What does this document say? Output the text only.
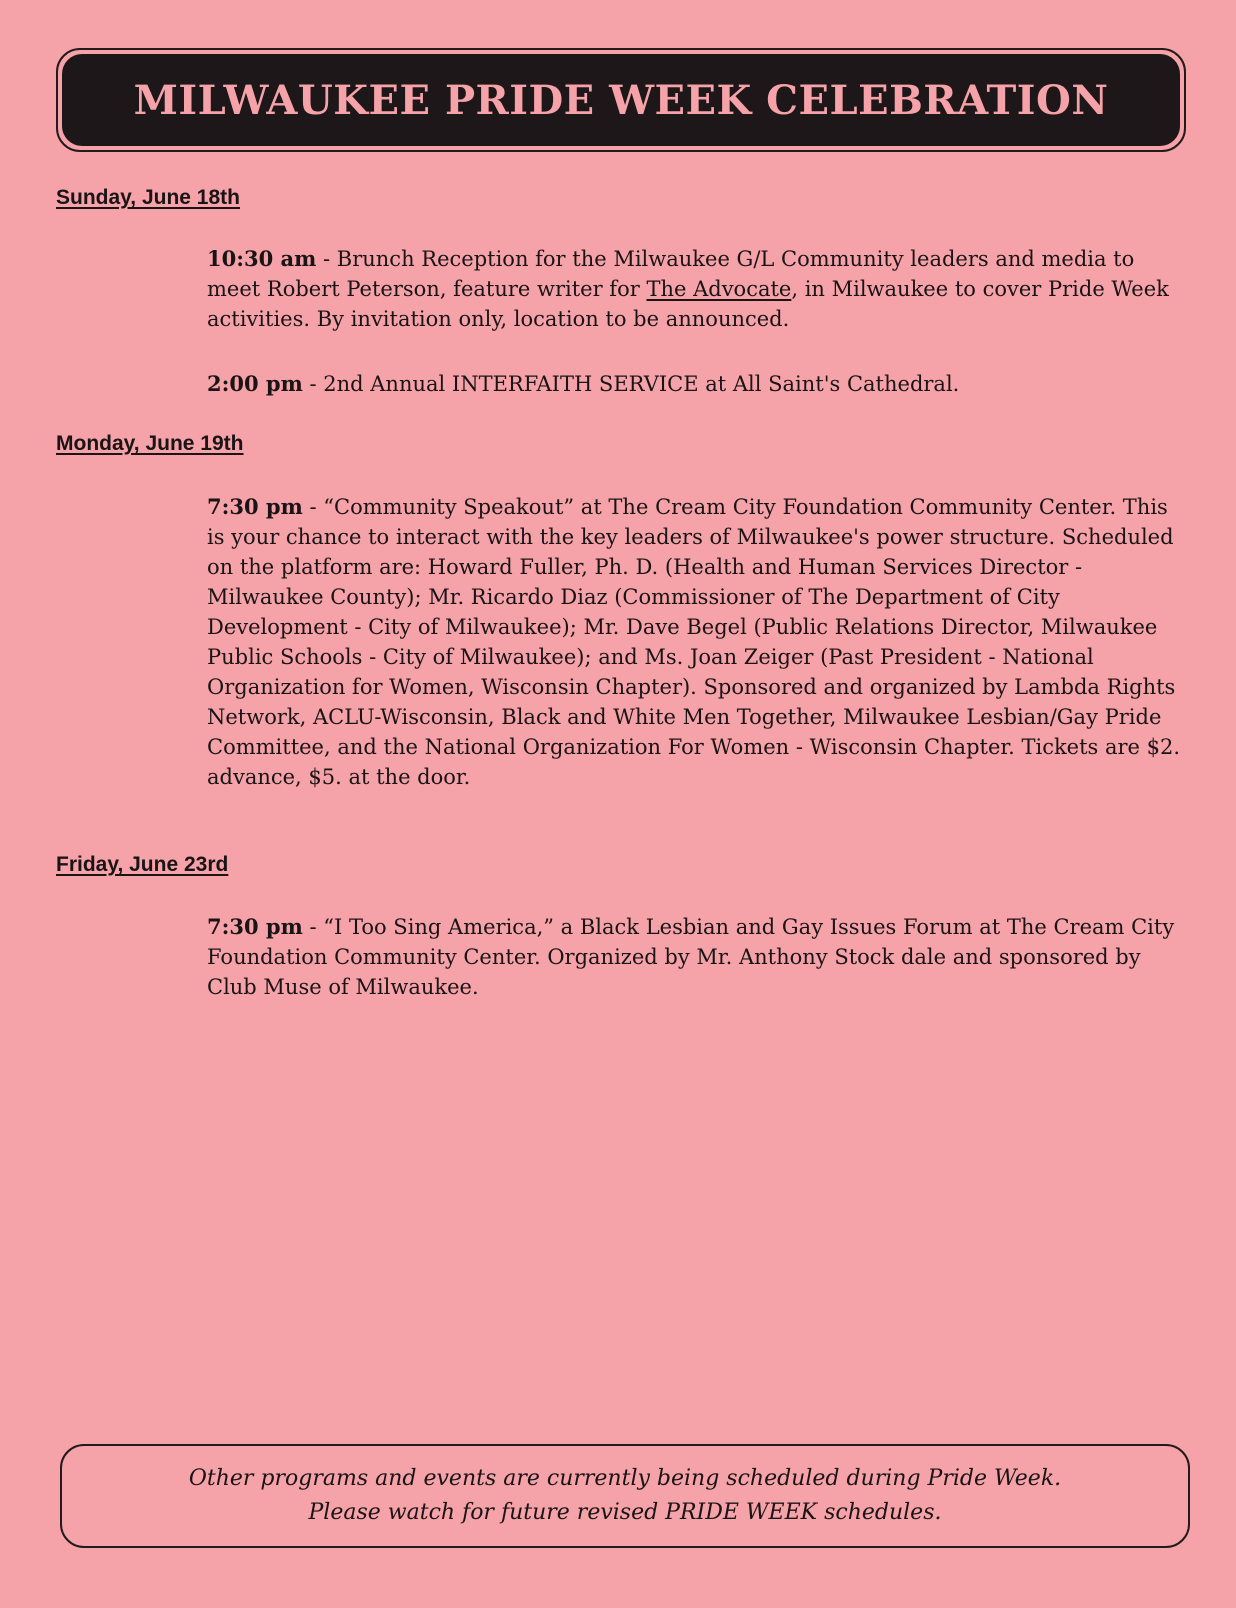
MILWAUKEE PRIDE WEEK CELEBRATION
Sunday, June 18th
10:30 am - Brunch Reception for the Milwaukee G/L Community leaders and media to meet Robert Peterson, feature writer for The Advocate, in Milwaukee to cover Pride Week activities. By invitation only, location to be announced.
2:00 pm - 2nd Annual INTERFAITH SERVICE at All Saint's Cathedral.
Monday, June 19th
7:30 pm - “Community Speakout” at The Cream City Foundation Community Center. This is your chance to interact with the key leaders of Milwaukee's power structure. Scheduled on the platform are: Howard Fuller, Ph. D. (Health and Human Services Director - Milwaukee County); Mr. Ricardo Diaz (Commissioner of The Department of City Development - City of Milwaukee); Mr. Dave Begel (Public Relations Director, Milwaukee Public Schools - City of Milwaukee); and Ms. Joan Zeiger (Past President - National Organization for Women, Wisconsin Chapter). Sponsored and organized by Lambda Rights Network, ACLU-Wisconsin, Black and White Men Together, Milwaukee Lesbian/Gay Pride Committee, and the National Organization For Women - Wisconsin Chapter. Tickets are $2. advance, $5. at the door.
Friday, June 23rd
7:30 pm - “I Too Sing America,” a Black Lesbian and Gay Issues Forum at The Cream City Foundation Community Center. Organized by Mr. Anthony Stock dale and sponsored by Club Muse of Milwaukee.
Other programs and events are currently being scheduled during Pride Week.
Please watch for future revised PRIDE WEEK schedules.
